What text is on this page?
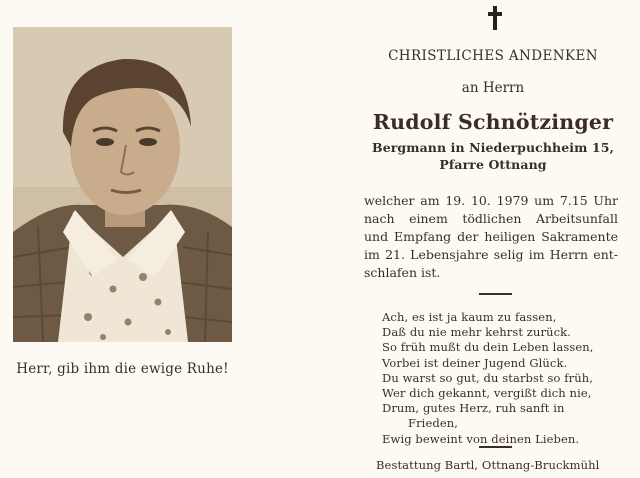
Herr, gib ihm die ewige Ruhe!
CHRISTLICHES ANDENKEN
an Herrn
Rudolf Schnötzinger
Bergmann in Niederpuchheim 15,
Pfarre Ottnang
welcher am 19. 10. 1979 um 7.15 Uhr
nach einem tödlichen Arbeitsunfall
und Empfang der heiligen Sakramente
im 21. Lebensjahre selig im Herrn ent-
schlafen ist.
Ach, es ist ja kaum zu fassen,
Daß du nie mehr kehrst zurück.
So früh mußt du dein Leben lassen,
Vorbei ist deiner Jugend Glück.
Du warst so gut, du starbst so früh,
Wer dich gekannt, vergißt dich nie,
Drum, gutes Herz, ruh sanft in
Frieden,
Ewig beweint von deinen Lieben.
Bestattung Bartl, Ottnang-Bruckmühl
